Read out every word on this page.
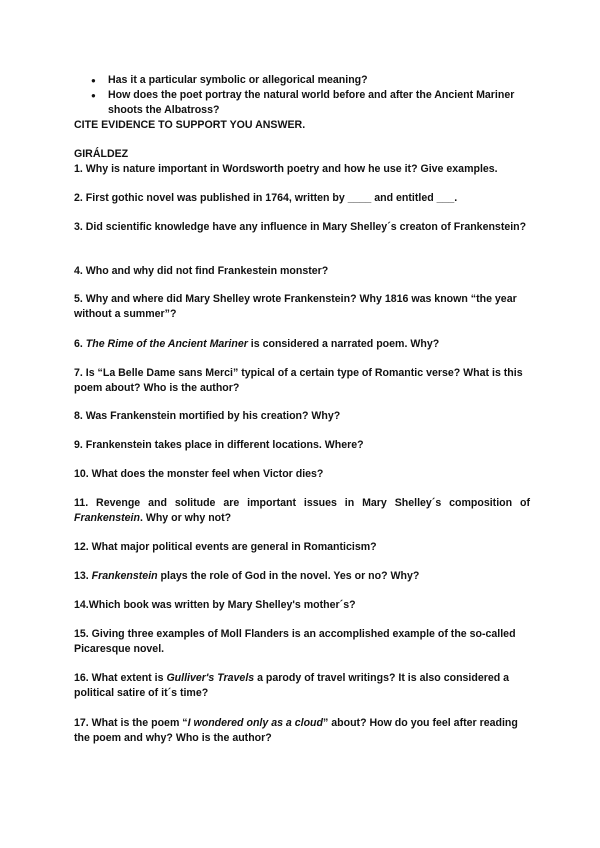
● Has it a particular symbolic or allegorical meaning?
● How does the poet portray the natural world before and after the Ancient Mariner shoots the Albatross?
CITE EVIDENCE TO SUPPORT YOU ANSWER.
GIRÁLDEZ
1. Why is nature important in Wordsworth poetry and how he use it? Give examples.
2. First gothic novel was published in 1764, written by ____ and entitled ___.
3. Did scientific knowledge have any influence in Mary Shelley´s creaton of Frankenstein?
4. Who and why did not find Frankestein monster?
5. Why and where did Mary Shelley wrote Frankenstein? Why 1816 was known “the year without a summer”?
6. The Rime of the Ancient Mariner is considered a narrated poem. Why?
7. Is “La Belle Dame sans Merci” typical of a certain type of Romantic verse? What is this poem about? Who is the author?
8. Was Frankenstein mortified by his creation? Why?
9. Frankenstein takes place in different locations. Where?
10. What does the monster feel when Victor dies?
11. Revenge and solitude are important issues in Mary Shelley´s composition of Frankenstein. Why or why not?
12. What major political events are general in Romanticism?
13. Frankenstein plays the role of God in the novel. Yes or no? Why?
14.Which book was written by Mary Shelley's mother´s?
15. Giving three examples of Moll Flanders is an accomplished example of the so-called Picaresque novel.
16. What extent is Gulliver's Travels a parody of travel writings? It is also considered a political satire of it´s time?
17. What is the poem “I wondered only as a cloud” about? How do you feel after reading the poem and why? Who is the author?
